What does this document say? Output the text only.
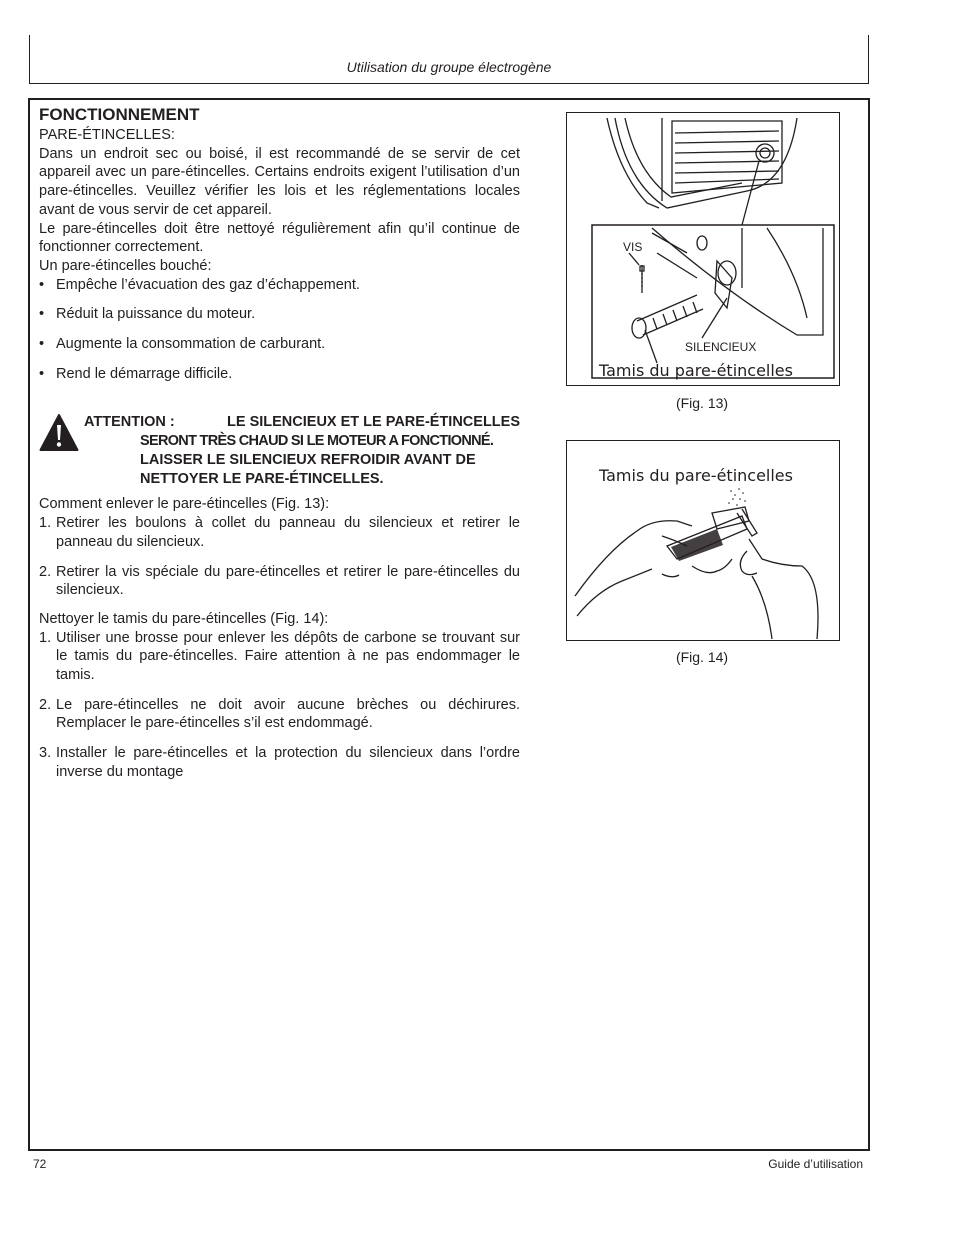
Utilisation du groupe électrogène

FONCTIONNEMENT

PARE-ÉTINCELLES:

Dans un endroit sec ou boisé, il est recommandé de se servir de cet appareil avec un pare-étincelles. Certains endroits exigent l’utilisation d’un pare-étincelles. Veuillez vérifier les lois et les réglementations locales avant de vous servir de cet appareil.

Le pare-étincelles doit être nettoyé régulièrement afin qu’il continue de fonctionner correctement.

Un pare-étincelles bouché:

• Empêche l’évacuation des gaz d’échappement.
• Réduit la puissance du moteur.
• Augmente la consommation de carburant.
• Rend le démarrage difficile.
ATTENTION :	LE SILENCIEUX ET LE PARE-ÉTINCELLES
SERONT TRÈS CHAUD SI LE MOTEUR A FONCTIONNÉ.
LAISSER LE SILENCIEUX REFROIDIR AVANT DE
NETTOYER LE PARE-ÉTINCELLES.

Comment enlever le pare-étincelles (Fig. 13):

1. Retirer les boulons à collet du panneau du silencieux et retirer le panneau du silencieux.
2. Retirer la vis spéciale du pare-étincelles et retirer le pare-étincelles du silencieux.

Nettoyer le tamis du pare-étincelles (Fig. 14):

1. Utiliser une brosse pour enlever les dépôts de carbone se trouvant sur le tamis du pare-étincelles. Faire attention à ne pas endommager le tamis.
2. Le pare-étincelles ne doit avoir aucune brèches ou déchirures. Remplacer le pare-étincelles s’il est endommagé.
3. Installer le pare-étincelles et la protection du silencieux dans l’ordre inverse du montage
VIS
SILENCIEUX
Tamis du pare-étincelles
(Fig. 13)
Tamis du pare-étincelles
(Fig. 14)
72	Guide d’utilisation
